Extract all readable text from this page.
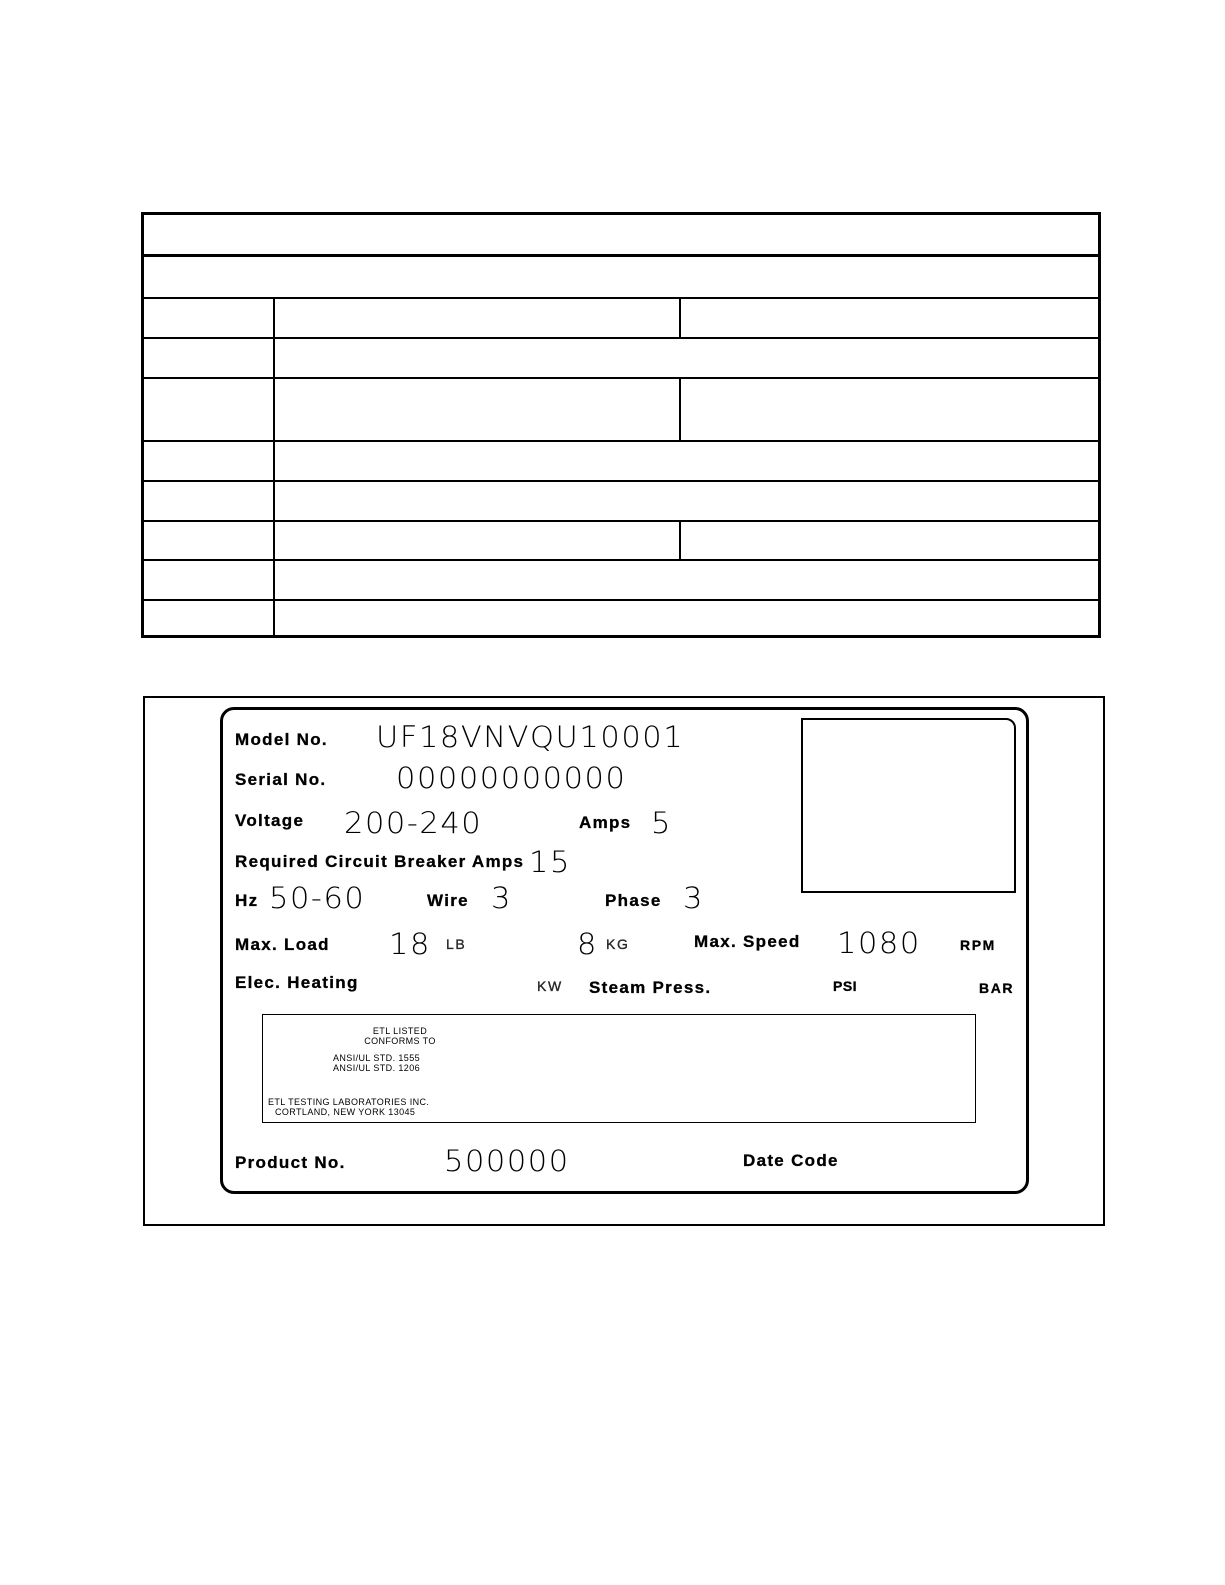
Model No. UF18VNVQU10001
Serial No. 00000000000
Voltage 200-240	Amps 5
Required Circuit Breaker Amps 15
Hz 50-60	Wire 3	Phase 3
Max. Load 18 LB	8 KG	Max. Speed 1080	RPM
Elec. Heating	KW Steam Press.	PSI	BAR
ETL LISTED
CONFORMS TO
ANSI/UL STD. 1555
ANSI/UL STD. 1206
ETL TESTING LABORATORIES INC.
CORTLAND, NEW YORK 13045
Product No.	500000	Date Code
